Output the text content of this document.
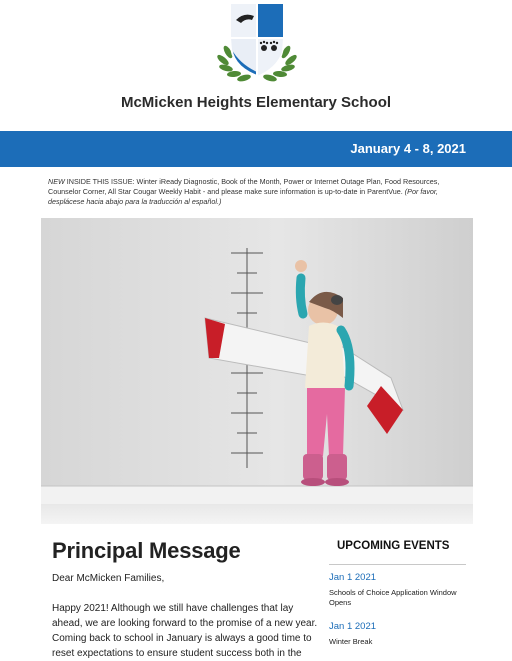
McMicken Heights Elementary School
January 4 - 8, 2021
NEW INSIDE THIS ISSUE: Winter iReady Diagnostic, Book of the Month, Power or Internet Outage Plan, Food Resources, Counselor Corner, All Star Cougar Weekly Habit - and please make sure information is up-to-date in ParentVue. (Por favor, desplácese hacia abajo para la traducción al español.)
Principal Message
Dear McMicken Families,
Happy 2021! Although we still have challenges that lay ahead, we are looking forward to the promise of a new year. Coming back to school in January is always a good time to reset expectations to ensure student success both in the
UPCOMING EVENTS
Jan 1 2021
Schools of Choice Application Window Opens
Jan 1 2021
Winter Break
